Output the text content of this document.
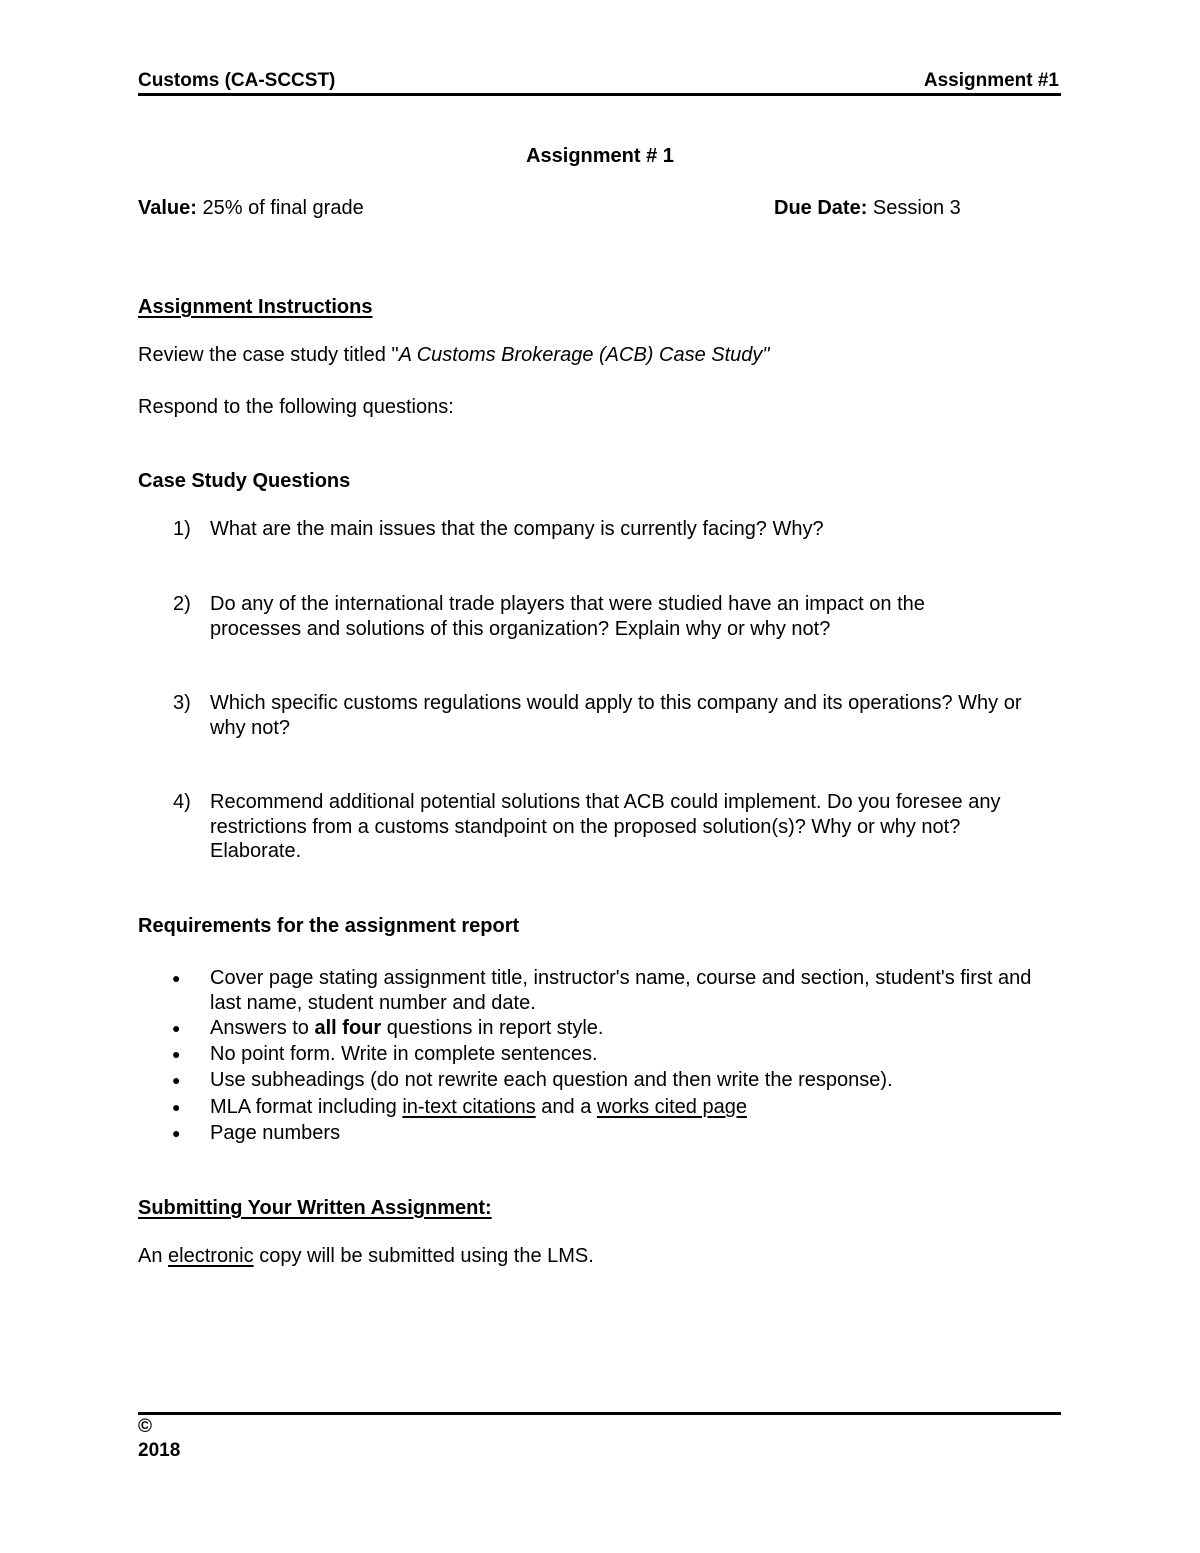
Customs (CA-SCCST)	Assignment #1
Assignment # 1
Value: 25% of final grade	Due Date: Session 3
Assignment Instructions
Review the case study titled "A Customs Brokerage (ACB) Case Study"
Respond to the following questions:
Case Study Questions
1) What are the main issues that the company is currently facing? Why?
2) Do any of the international trade players that were studied have an impact on the processes and solutions of this organization? Explain why or why not?
3) Which specific customs regulations would apply to this company and its operations? Why or why not?
4) Recommend additional potential solutions that ACB could implement. Do you foresee any restrictions from a customs standpoint on the proposed solution(s)? Why or why not? Elaborate.
Requirements for the assignment report
● Cover page stating assignment title, instructor's name, course and section, student's first and last name, student number and date.
● Answers to all four questions in report style.
● No point form. Write in complete sentences.
● Use subheadings (do not rewrite each question and then write the response).
● MLA format including in-text citations and a works cited page
● Page numbers
Submitting Your Written Assignment:
An electronic copy will be submitted using the LMS.
©
2018
